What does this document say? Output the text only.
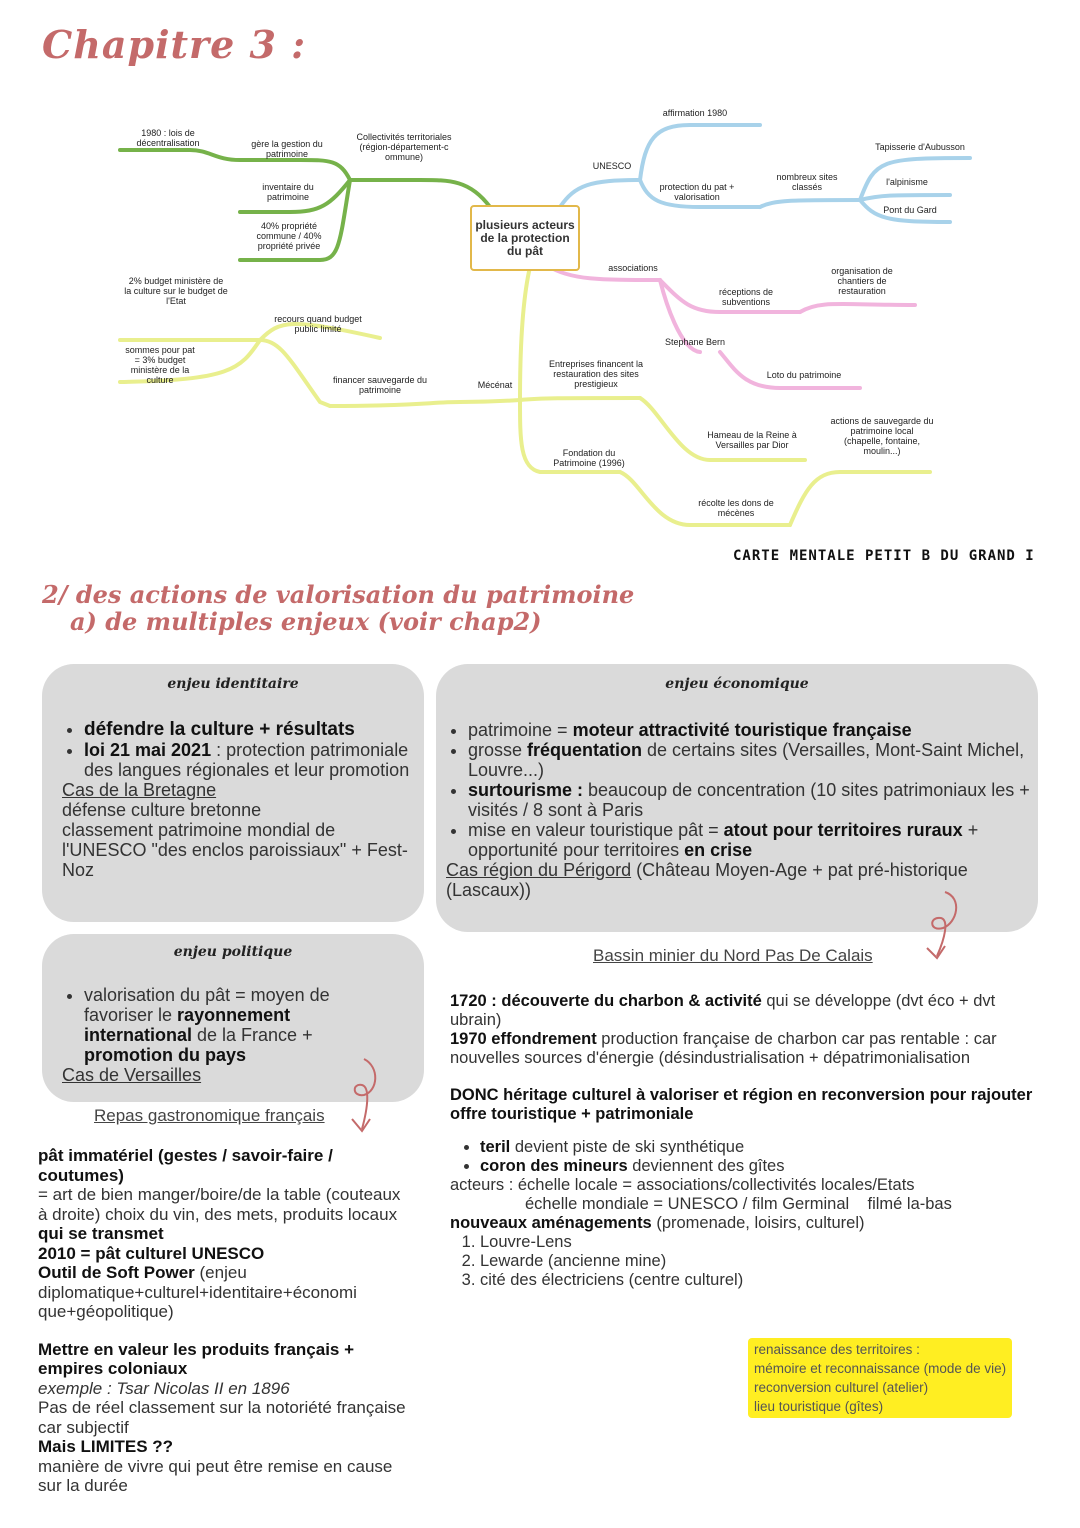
Chapitre 3 :
plusieurs acteurs de la protection du pât
Collectivités territoriales (région-département-c ommune)
1980 : lois de décentralisation	gère la gestion du patrimoine
inventaire du patrimoine
40% propriété commune / 40% propriété privée
UNESCO
affirmation 1980
protection du pat + valorisation
nombreux sites classés
Tapisserie d'Aubusson
l'alpinisme
Pont du Gard
associations
réceptions de subventions
organisation de chantiers de restauration
Stephane Bern
Loto du patrimoine
Mécénat
2% budget ministère de la culture sur le budget de l'Etat
recours quand budget public limité
sommes pour pat = 3% budget ministère de la culture	financer sauvegarde du patrimoine
Entreprises financent la restauration des sites prestigieux
Fondation du Patrimoine (1996)
Hameau de la Reine à Versailles par Dior
récolte les dons de mécènes
actions de sauvegarde du patrimoine local (chapelle, fontaine, moulin...)
CARTE MENTALE PETIT B DU GRAND I
2/ des actions de valorisation du patrimoine
a) de multiples enjeux (voir chap2)
enjeu identitaire
• défendre la culture + résultats
• loi 21 mai 2021 : protection patrimoniale des langues régionales et leur promotion
Cas de la Bretagne
défense culture bretonne
classement patrimoine mondial de l'UNESCO "des enclos paroissiaux" + Fest-Noz
enjeu économique
• patrimoine = moteur attractivité touristique française
• grosse fréquentation de certains sites (Versailles, Mont-Saint Michel, Louvre...)
• surtourisme : beaucoup de concentration (10 sites patrimoniaux les + visités / 8 sont à Paris
• mise en valeur touristique pât = atout pour territoires ruraux + opportunité pour territoires en crise
Cas région du Périgord (Château Moyen-Age + pat pré-historique (Lascaux))
enjeu politique
• valorisation du pât = moyen de favoriser le rayonnement international de la France + promotion du pays
Cas de Versailles
Repas gastronomique français
pât immatériel (gestes / savoir-faire / coutumes)
= art de bien manger/boire/de la table (couteaux à droite) choix du vin, des mets, produits locaux
qui se transmet
2010 = pât culturel UNESCO
Outil de Soft Power (enjeu diplomatique+culturel+identitaire+économi que+géopolitique)
Mettre en valeur les produits français + empires coloniaux
exemple : Tsar Nicolas II en 1896
Pas de réel classement sur la notoriété française car subjectif
Mais LIMITES ??
manière de vivre qui peut être remise en cause sur la durée
Bassin minier du Nord Pas De Calais
1720 : découverte du charbon & activité qui se développe (dvt éco + dvt ubrain)
1970 effondrement production française de charbon car pas rentable : car nouvelles sources d'énergie (désindustrialisation + dépatrimonialisation
DONC héritage culturel à valoriser et région en reconversion pour rajouter offre touristique + patrimoniale
• teril devient piste de ski synthétique
• coron des mineurs deviennent des gîtes
acteurs : échelle locale = associations/collectivités locales/Etats
échelle mondiale = UNESCO / film Germinal    filmé la-bas
nouveaux aménagements (promenade, loisirs, culturel)
1. Louvre-Lens
2. Lewarde (ancienne mine)
3. cité des électriciens (centre culturel)
renaissance des territoires :
mémoire et reconnaissance (mode de vie)
reconversion culturel (atelier)
lieu touristique (gîtes)
